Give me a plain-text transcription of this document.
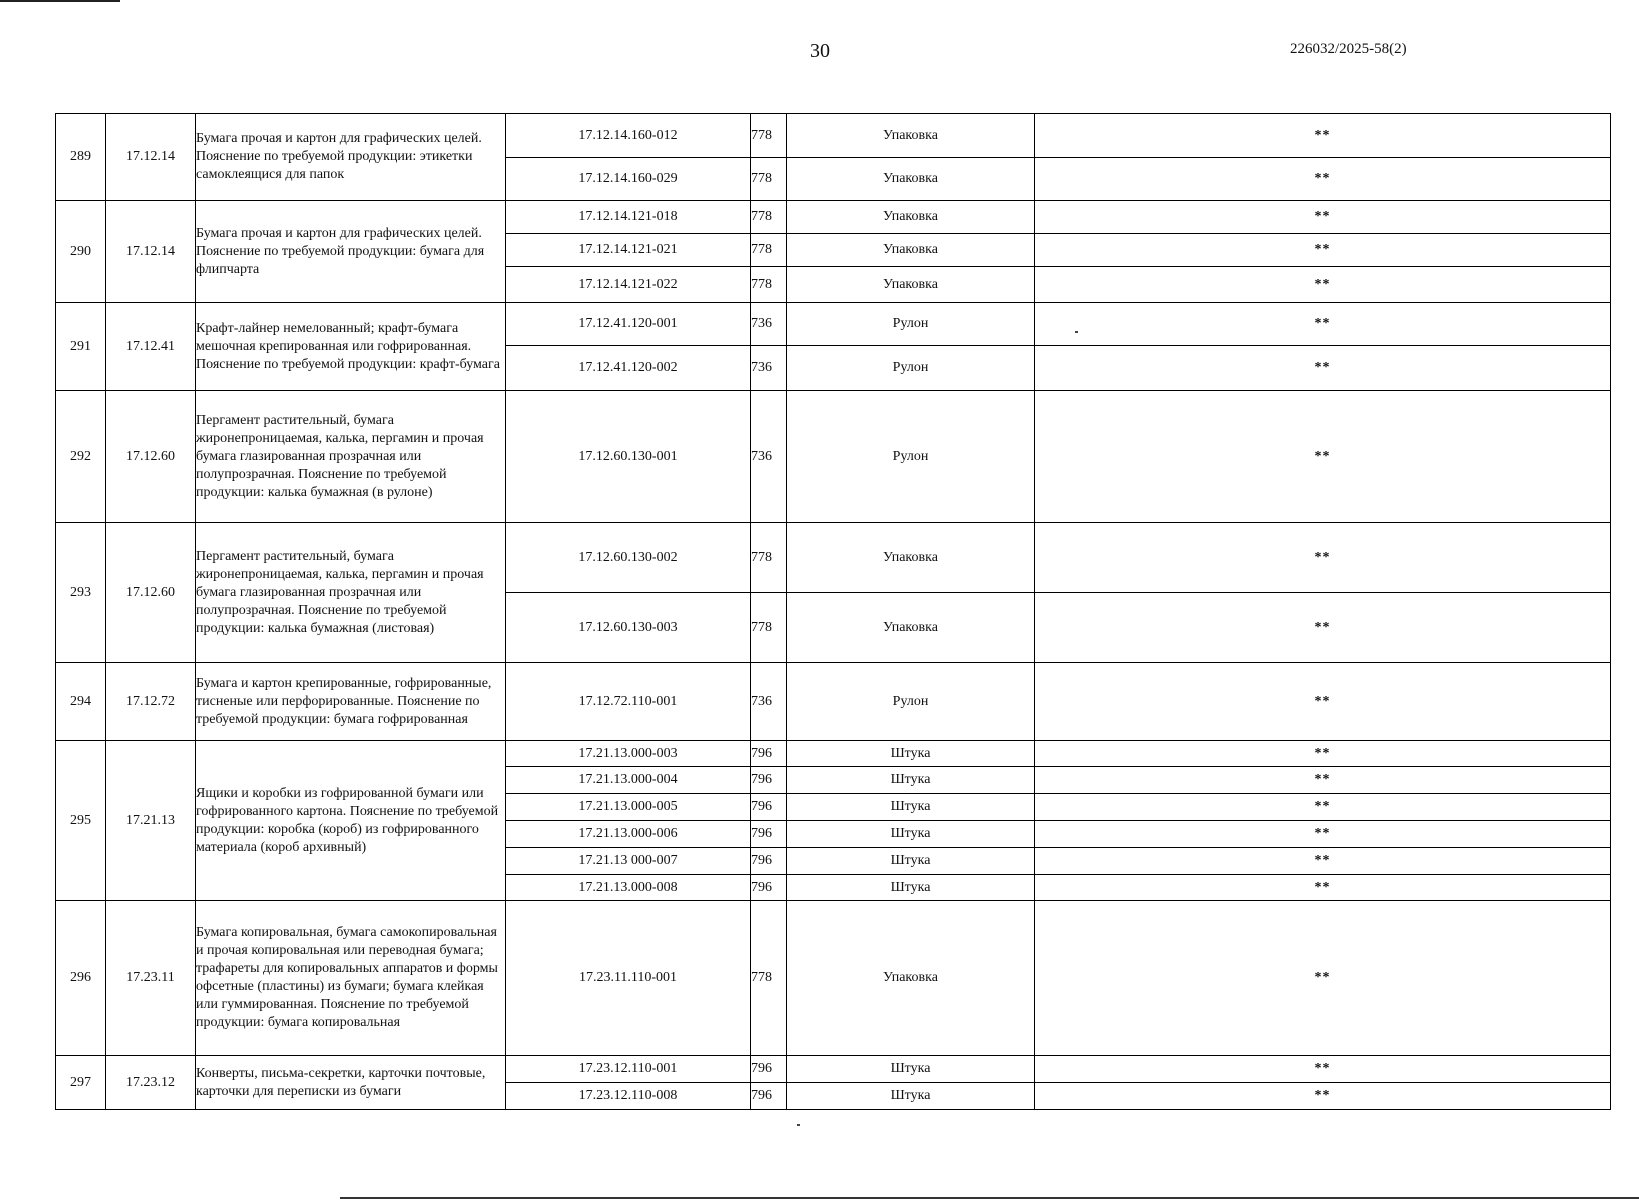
30	226032/2025-58(2)
289	17.12.14	Бумага прочая и картон для графических целей. Пояснение по требуемой продукции: этикетки самоклеящися для папок	17.12.14.160-012	778	Упаковка	**
			17.12.14.160-029	778	Упаковка	**
290	17.12.14	Бумага прочая и картон для графических целей. Пояснение по требуемой продукции: бумага для флипчарта	17.12.14.121-018	778	Упаковка	**
			17.12.14.121-021	778	Упаковка	**
			17.12.14.121-022	778	Упаковка	**
291	17.12.41	Крафт-лайнер немелованный; крафт-бумага мешочная крепированная или гофрированная. Пояснение по требуемой продукции: крафт-бумага	17.12.41.120-001	736	Рулон	**
			17.12.41.120-002	736	Рулон	**
292	17.12.60	Пергамент растительный, бумага жиронепроницаемая, калька, пергамин и прочая бумага глазированная прозрачная или полупрозрачная. Пояснение по требуемой продукции: калька бумажная (в рулоне)	17.12.60.130-001	736	Рулон	**
293	17.12.60	Пергамент растительный, бумага жиронепроницаемая, калька, пергамин и прочая бумага глазированная прозрачная или полупрозрачная. Пояснение по требуемой продукции: калька бумажная (листовая)	17.12.60.130-002	778	Упаковка	**
			17.12.60.130-003	778	Упаковка	**
294	17.12.72	Бумага и картон крепированные, гофрированные, тисненые или перфорированные. Пояснение по требуемой продукции: бумага гофрированная	17.12.72.110-001	736	Рулон	**
295	17.21.13	Ящики и коробки из гофрированной бумаги или гофрированного картона. Пояснение по требуемой продукции: коробка (короб) из гофрированного материала (короб архивный)	17.21.13.000-003	796	Штука	**
			17.21.13.000-004	796	Штука	**
			17.21.13.000-005	796	Штука	**
			17.21.13.000-006	796	Штука	**
			17.21.13 000-007	796	Штука	**
			17.21.13.000-008	796	Штука	**
296	17.23.11	Бумага копировальная, бумага самокопировальная и прочая копировальная или переводная бумага; трафареты для копировальных аппаратов и формы офсетные (пластины) из бумаги; бумага клейкая или гуммированная. Пояснение по требуемой продукции: бумага копировальная	17.23.11.110-001	778	Упаковка	**
297	17.23.12	Конверты, письма-секретки, карточки почтовые, карточки для переписки из бумаги	17.23.12.110-001	796	Штука	**
			17.23.12.110-008	796	Штука	**
